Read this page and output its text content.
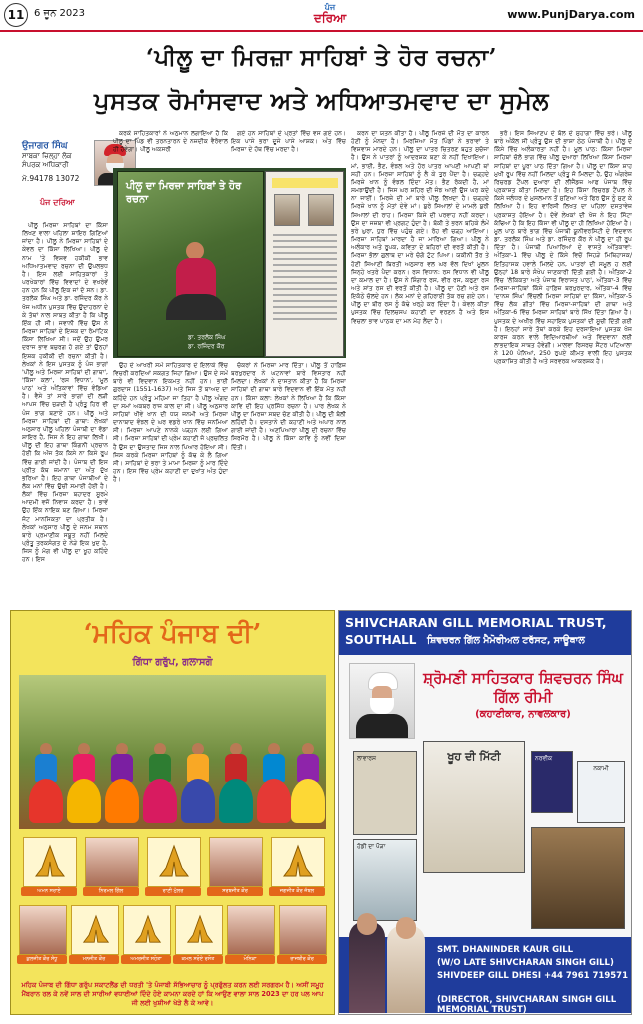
11 6 ਜੂਨ 2023
ਪੰਜ
ਦਰਿਆ	www.PunjDarya.com
‘ਪੀਲੂ ਦਾ ਮਿਰਜ਼ਾ ਸਾਹਿਬਾਂ ਤੇ ਹੋਰ ਰਚਨਾ’
ਪੁਸਤਕ ਰੋਮਾਂਸਵਾਦ ਅਤੇ ਅਧਿਆਤਮਵਾਦ ਦਾ ਸੁਮੇਲ
ਉਜਾਗਰ ਸਿੰਘ
ਸਾਬਕਾ ਜ਼ਿਲ੍ਹਾ ਲੋਕ
ਸੰਪਰਕ ਅਧਿਕਾਰੀ
ਮੋ.94178 13072
ਪੰਜ ਦਰਿਆ

ਪੀਲੂ ਮਿਰਜ਼ਾ ਸਾਹਿਬਾਂ ਦਾ ਕਿੱਸਾ ਲਿਖਣ ਵਾਲਾ ਪਹਿਲਾ ਸ਼ਾਇਰ ਗਿਣਿਆਂ ਜਾਂਦਾ ਹੈ। ਪੀਲੂ ਨੇ ਮਿਰਜ਼ਾ ਸਾਹਿਬਾਂ ਦੇ ਕੇਵਲ ਦਾ ਕਿੱਸਾ ਲਿਖਿਆ। ਪੀਲੂ ਦੇ ਨਾਮ 'ਤੇ ਵਿਸ਼ਵ ਹਕੀਕੀ ਭਾਵ ਅਧਿਆਤਮਵਾਦ ਰਚਨਾ ਦੀ ਉਪਲਭਧ ਹੈ। ਇਸ ਲਈ ਸਾਹਿਤਕਾਰਾਂ ਤੇ ਪਰਖੇਕਾਰਾਂ ਵਿੱਚ ਵਿਵਾਦਾਂ ਦੇ ਵਖਰੇਵੇਂ ਹਨ ਹਨ ਕਿ ਪੀਲੂ ਇਕ ਜਾਂ ਦੋ ਸਨ। ਡਾ. ਤਰਲੋਕ ਸਿੰਘ ਅਤੇ ਡਾ. ਰਜਿੰਦਰ ਕੌਰ ਨੇ ਖੋਜ ਅਧੀਨ ਪੁਸਤਕ ਵਿੱਚ ਉਦਾਹਰਨਾ ਦੇ ਕੇ ਤੱਥਾਂ ਨਾਲ ਸਾਬਤ ਕੀਤਾ ਹੈ ਕਿ ਪੀਲੂ ਇੱਕ ਹੀ ਸੀ। ਜਵਾਨੀ ਵਿੱਚ ਉਸ ਨੇ ਮਿਰਜ਼ਾ ਸਾਹਿਬਾਂ ਦੇ ਇਸ਼ਕ ਦਾ ਰੋਮਾਂਟਿਕ ਕਿੱਸਾ ਲਿਖਿਆ ਸੀ। ਜਦੋਂ ਉਹ ਉਮਰ ਦਰਾਜ ਭਾਵ ਬਜ਼ੁਰਗ ਹੋ ਗਏ ਤਾਂ ਉਨ੍ਹਾਂ ਇਸ਼ਕ ਹਕੀਕੀ ਦੀ ਰਚਨਾ ਕੀਤੀ ਹੈ। ਲੇਖਕਾਂ ਨੇ ਇਸ ਪੁਸਤਕ ਨੂੰ ਪੰਜ ਭਾਗਾਂ 'ਪੀਲੂ ਅਤੇ ਮਿਰਜ਼ਾ ਸਾਹਿਬਾਂ ਦੀ ਗਾਥਾ', 'ਕਿੱਸਾ ਕਲਾ', 'ਰਸ ਵਿਧਾਨ', 'ਮੂਲ ਪਾਠ' ਅਤੇ ਅੰਤਿਕਾਵਾਂ ਵਿੱਚ ਵੰਡਿਆ ਹੈ। ਵੈਸੇ ਤਾਂ ਸਾਰੇ ਭਾਗਾਂ ਦੀ ਲੜੀ ਆਪਸ ਵਿੱਚ ਜੁੜਦੀ ਹੈ ਪ੍ਰੰਤੂ ਹਿਰ ਵੀ ਪੰਜ ਭਾਗ ਬਣਾਏ ਹਨ। ਪੀਲੂ ਅਤੇ ਮਿਰਜ਼ਾ ਸਾਹਿਬਾਂ ਦੀ ਗਾਥਾ: ਲੇਖਕਾਂ ਅਨੁਸਾਰ ਪੀਲੂ ਪਹਿਲਾ ਪੰਜਾਬੀ ਦਾ ਵੱਡਾ ਸ਼ਾਇਰ ਹੈ, ਜਿਸ ਨੇ ਇਹ ਗਾਥਾ ਲਿਖੀ। ਪੀਲੂ ਦੀ ਇਹ ਗਾਥਾ ਕਿੰਗਨੀ ਪ੍ਰਚਾਨ ਹੋਈ ਕਿ ਅੱਜ ਤੱਕ ਕਿਸੇ ਨਾ ਕਿਸੇ ਰੂਪ ਵਿੱਚ ਗਾਈ ਜਾਂਦੀ ਹੈ। ਪੰਜਾਬ ਦੀ ਇਸ ਪ੍ਰੀਤ ਕੱਥ ਜ਼ਮਾਨਾ ਦਾ ਅੰਤ ਦੁੱਖ ਭਰਿਆ ਹੈ। ਇਹ ਗਾਥਾ ਪੰਜਾਬੀਆਂ ਦੇ ਲੋਕ ਮਨਾਂ ਵਿੱਚ ਉਚੀ ਸਮਾਈ ਹੋਈ ਹੈ। ਲੋਕਾਂ ਵਿੱਚ ਮਿਰਜ਼ਾ ਬਹਾਦਰ ਸੂਰਮੇ ਆਦਮੀ ਵਜੋਂ ਨਿਵਾਸ ਕਰਦਾ ਹੈ। ਭਾਵੇਂ ਉਹ ਇੱਕ ਨਾਇਕ ਬਣ ਗਿਆ। ਮਿਰਜ਼ਾ ਜੱਟ ਮਾਨਸਿਕਤਾ ਦਾ ਪ੍ਰਤੀਕ ਹੈ। ਲੇਖਕਾਂ ਅਨੁਸਾਰ ਪੀਲੂ ਦੇ ਜਨਮ ਸਥਾਨ ਬਾਰੇ ਪ੍ਰਮਾਣੀਕ ਸਬੂਤ ਨਹੀਂ ਮਿਲਦੇ ਪ੍ਰੰਤੂ ਤਰਕਸੰਗਤ ਦੇ ਨੇੜੇ ਇਕ ਖੁਦ ਹੈ, ਜਿਸ ਨੂੰ ਮੋਗ ਵੀ ਪੀਲੂ ਦਾ ਖੂਹ ਕਹਿੰਦੇ ਹਨ। ਇਸ

ਕਰਕੇ ਸਾਹਿਤਕਾਰਾਂ ਨੇ ਅਨੁਮਾਨ ਲਗਾਇਆ ਹੈ ਕਿ ਪੀਲੂ ਦਾ ਪਿੰਡ ਵੀ ਤਰਨਤਾਰਨ ਦੇ ਨਜ਼ਦੀਕ ਵੈਰੋਵਾਲ ਹੀ ਹੋਵੇਗਾ। ਪੀਲੂ ਅਕਸਰੀ

ਗਏ ਹਨ ਸਾਹਿਬਾਂ ਦੇ ਪ੍ਰਤਾਂ ਵਿੱਚ ਵਸ ਗਏ ਹਨ। ਇਕ ਪਾਸੇ ਭਰਾ ਦੂਜੇ ਪਾਸੇ ਆਸ਼ਕ। ਅੰਤ ਵਿੱਚ ਮਿਰਜ਼ਾ ਦੇ ਹੱਥ ਵਿੱਚ ਮਰਦਾ ਹੈ।

ਪੀਲੂ ਦਾ ਮਿਰਜ਼ਾ ਸਾਹਿਬਾਂ ਤੇ ਹੋਰ ਰਚਨਾ
ਡਾ. ਤਰਲੋਕ ਸਿੰਘ
ਡਾ. ਰਜਿੰਦਰ ਕੌਰ

ਉਹ ਦੇ ਆਖਰੀ ਸਮੇਂ ਸਾਹਿਤਕਾਰ ਦੇ ਇਲਾਕੇ ਵਿੱਚ ਵਿਚਰੀ ਕਰਦਿਆਂ ਸਕਗਤ ਜਿਹਾ ਗਿਆ। ਉਸ ਦੇ ਸਮੇਂ ਬਾਰੇ ਵੀ ਵਿਦਵਾਨ ਇਕਮਤ ਨਹੀਂ ਹਨ। ਭਾਈ ਗੁਰਦਾਸ (1551-1637) ਅਤੇ ਜਿਸ ਤੋਂ ਬਾਅਦ ਦਾ ਕਹਿੰਦੇ ਹਨ ਪ੍ਰੰਤੂ ਮਹਿਮਾ ਜਾ ਤਿਹਾ ਹੈ ਪੀਲੂ ਅੰਗਦ ਦਾ ਸਮਾਂ ਅਕਬਰ ਰਾਜ ਕਾਲ ਦਾ ਸੀ। ਪੀਲੂ ਅਨੁਸਾਰ ਸਾਹਿਬਾਂ ਖੀਵੇ ਖਾਨ ਦੀ ਧਯ ਜਨਮੀ ਅਤੇ ਮਿਰਜ਼ਾ ਦਾਨਾਬਾਦ ਵੰਝਲ ਦੇ ਘਰ ਵਡਰੇ ਖਾਨ ਵਿੱਚ ਜਨਮਿਆ ਸੀ। ਮਿਰਜ਼ਾ ਆਪਣੇ ਨਾਨਕੇ ਪੜ੍ਹਨ ਲਈ ਗਿਆ ਸੀ। ਮਿਰਜ਼ਾ ਸਾਹਿਬਾਂ ਦੀ ਪ੍ਰੇਮ ਕਹਾਣੀ ਜੋ ਪ੍ਰਚਲਿਤ ਹੈ ਉਸ ਦਾ ਉਸਤਾਦ ਜਿਸ ਨਾਲ ਪਿਆਰ ਹੋਇਆ ਸੀ। ਜਿਸ ਕਰਕੇ ਮਿਰਜ਼ਾ ਸਾਹਿਬਾਂ ਨੂੰ ਕੱਢ ਕੇ ਲੈ ਗਿਆ ਸੀ। ਸਾਹਿਬਾਂ ਦੇ ਭਰਾ ਤੇ ਮਾਮਾ ਮਿਰਜ਼ਾ ਨੂੰ ਮਾਰ ਦਿੰਦੇ ਹਨ। ਇਸ ਵਿੱਚ ਪ੍ਰੇਮ ਕਹਾਣੀ ਦਾ ਦੁਖਾਂਤ ਅੰਤ ਹੁੰਦਾ ਹੈ।

ਚੱਕਰਾਂ ਨੇ ਮਿਰਜ਼ਾ ਮਾਰ ਦਿੱਤਾ। ਪੀਲੂ ਤੋਂ ਹਾਫ਼ਿਜ਼ ਬਰਖੁਰਦਾਰ ਨੇ ਘਟਨਾਵਾਂ ਬਾਰੇ ਵਿਸਤਾਰ ਨਹੀਂ ਮਿਲਦਾ। ਲੇਖਕਾਂ ਨੇ ਦਾਸਤਾਨ ਕੀਤਾ ਹੈ ਕਿ ਮਿਰਜ਼ਾ ਸਾਹਿਬਾਂ ਦੀ ਗਾਥਾ ਬਾਰੇ ਵਿਦਵਾਨ ਵੀ ਇੱਕ ਮੱਤ ਨਹੀਂ ਹਨ। ਕਿੱਸਾ ਕਲਾ: ਲੇਖਕਾਂ ਨੇ ਲਿਖਿਆ ਹੈ ਕਿ ਕਿੱਸਾ ਕਾਵਿ ਦੀ ਇਹ ਪ੍ਰਸਿੱਧ ਰਚਨਾ ਹੈ। ਪਾਰ ਲੇਖਕ ਨੇ ਪੀਲੂ ਦਾ ਮਿਰਜ਼ਾ ਸਬਦ ਚੋਣ ਕੀਤੀ ਹੈ। ਪੀਲੂ ਦੀ ਬੋਲੀ ਲਹਿੰਦੀ ਹੈ। ਦਸਤਾਨੇ ਦੀ ਕਹਾਣੀ ਅਤੇ ਅਪਾਰ ਨਾਲ ਗਾਈ ਜਾਂਦੀ ਹੈ। ਅਣਪਿਆਰਾ ਪੀਲੂ ਦੀ ਰਚਨਾ ਵਿੱਚ ਸਿਰਮੌਰ ਹੈ। ਪੀਲੂ ਨੇ ਕਿੱਸਾ ਕਾਵਿ ਨੂੰ ਨਵੀਂ ਦਿਸ਼ਾ ਦਿੱਤੀ।

ਕਰਨ ਦਾ ਯਤਨ ਕੀਤਾ ਹੈ। ਪੀਲੂ ਮਿਰਜ਼ੇ ਦੀ ਮੌਤ ਦਾ ਕਾਰਨ ਹੋਣੀ ਨੂੰ ਮੰਨਦਾ ਹੈ। ਮਿਰਜ਼ਿਆ ਮੌਤ ਪਿੰਡਾਂ ਨੇ ਭਰਾਵਾਂ ਤੇ ਵਿਸ਼ਵਾਸ ਮਾਰਦੇ ਹਨ। ਪੀਲੂ ਦਾ ਪਾਤਰ ਚਿਤਰਣ ਬਹੁਤ ਸੁਚੱਜਾ ਹੈ। ਉਸ ਨੇ ਪਾਤਰਾਂ ਨੂੰ ਆਦਰਸ਼ਕ ਬਣਾ ਕੇ ਨਹੀਂ ਦਿਖਾਇਆ। ਮਾਂ, ਭਾਈ, ਭੈਣ, ਵੰਝਲ ਅਤੇ ਹੋਰ ਪਾਤਰ ਆਪਣੀ ਆਪਣੀ ਥਾਂ ਸਹੀ ਹਨ। ਮਿਰਜ਼ਾ ਸਾਹਿਬਾਂ ਨੂੰ ਲੈ ਕੇ ਤੁਰ ਪੈਂਦਾ ਹੈ। ਚੜ੍ਹਦੇ ਮਿਰਜ਼ੇ ਖਾਨ ਨੂੰ ਵੰਝਲ ਦਿੰਦਾ ਮੱਤ। ਭੈਣ ਰੋਕਦੀ ਹੈ, ਮਾਂ ਸਮਝਾਉਂਦੀ ਹੈ। ਜਿਸ ਘਰ ਸ਼ਹਿਰ ਦੀ ਜੰਝ ਆਈ ਉਸ ਘਰ ਕਦੇ ਨਾ ਜਾਈਂ। ਮਿਰਜ਼ੇ ਦੀ ਮਾਂ ਬਾਰੇ ਪੀਲੂ ਲਿਖਦਾ ਹੈ। ਚੜ੍ਹਦੇ ਮਿਰਜ਼ੇ ਖਾਨ ਨੂੰ ਮੱਤਾਂ ਦੇਵੇ ਮਾਂ। ਬੁਰੇ ਸਿਆਲਾਂ ਦੇ ਮਾਮਲੇ ਬੁਰੀ ਸਿਆਲਾਂ ਦੀ ਰਾਹ। ਮਿਰਜ਼ਾ ਕਿਸੇ ਦੀ ਪਰਵਾਹ ਨਹੀਂ ਕਰਦਾ। ਉਸ ਦਾ ਜਜ਼ਬਾ ਵੀ ਪ੍ਰਗਟ ਹੁੰਦਾ ਹੈ। ਬੱਕੀ ਤੇ ਭਰਨ ਬਹਿਕੇ ਲੰਮੇਂ ਭਰੇ ਘੁਰਾ, ਧੁਰ ਵਿੱਚ ਪਹੁੰਚ ਗਏ। ਰੋਹ ਵੀ ਚੜ੍ਹ ਆਇਆ। ਮਿਰਜ਼ਾ ਸਾਹਿਬਾਂ ਮਾਰਦਾ ਹੈ ਜਾ ਮਾਰਿਆ ਗਿਆ। ਪੀਲੂ ਨੇ ਅਲੰਕਾਰ ਅਤੇ ਰੂਪਕ, ਕਵਿਤਾ ਦੇ ਬਹਿਰਾਂ ਦੀ ਵਰਤੋਂ ਕੀਤੀ ਹੈ। ਮਿਰਜ਼ਾ ਭੋਲਾ ਗੁਲਾਬ ਦਾ ਮਰੇ ਚੋਗੋ ਟੁੱਟ ਪਿਆ। ਯਕੀਨੀ ਤੌਰ ਤੇ ਹੋਣੀ ਸਿਆਣੀ ਬਿਰਤੀ ਅਨੁਸਾਰ ਵਲ ਘਰ ਵੱਲ ਦਿਖਾਂ ਮੂਲਨ ਜਿਨ੍ਹੇ ਖਤਰੇ ਪੈਦਾ ਕਰਨ। ਰਸ ਵਿਧਾਨ: ਰਸ ਵਿਧਾਨ ਵੀ ਪੀਲੂ ਦਾ ਕਮਾਲ ਦਾ ਹੈ। ਉਸ ਨੇ ਸ਼ਿੰਗਾਰ ਰਸ, ਵੀਰ ਰਸ, ਕਰੁਣਾ ਰਸ ਅਤੇ ਸ਼ਾਂਤ ਰਸ ਦੀ ਵਰਤੋਂ ਕੀਤੀ ਹੈ। ਪੀਲੂ ਦਾ ਹੋਣੀ ਅਤੇ ਰਸ ਇਕੱਠੇ ਚੱਲਦੇ ਹਨ। ਲੋਕ ਮਨਾਂ ਦੇ ਗਹਿਰਾਈ ਤੱਕ ਰਚ ਗਏ ਹਨ। ਪੀਲੂ ਦਾ ਬੀਰ ਰਸ ਨੂੰ ਕੱਢੇ ਖਰ੍ਹੇ ਕਰ ਦਿੰਦਾ ਹੈ। ਕੇਵਲ ਕੀਤਾ ਪੁਸਤਕ ਵਿੱਚ ਦਿਲਚਸਪ ਕਹਾਣੀ ਦਾ ਵਰਣਨ ਹੈ ਅਤੇ ਇਸ ਵਿਚਲਾ ਭਾਵ ਪਾਠਕ ਦਾ ਮਨ ਮੋਹ ਲੈਂਦਾ ਹੈ।

ਭਰੋ। ਇਸ ਸਿਆਣਪ ਦੇ ਬੋਲ ਦੇ ਸੁਹਾਗਾ ਵਿੱਚ ਭਰੇ। ਪੀਲੂ ਬਾਰੇ ਅੰਕੋਲ ਸੀ ਪ੍ਰੰਤੂ ਉਸ ਦੀ ਭਾਸ਼ਾ ਠੇਠ ਪੰਜਾਬੀ ਹੈ। ਪੀਲੂ ਦੇ ਕਿੱਸੇ ਵਿੱਚ ਅਲੰਕਾਰਤਾ ਨਹੀਂ ਹੈ। ਮੂਲ ਪਾਠ: ਕਿੱਸਾ ਮਿਰਜ਼ਾ ਸਾਹਿਬਾਂ ਚੱਲੋ ਭਾਗ ਵਿੱਚ ਪੀਲੂ ਦੁਆਰਾ ਲਿਖਿਆ ਕਿੱਸਾ ਮਿਰਜ਼ਾ ਸਾਹਿਬਾਂ ਦਾ ਪੂਰਾ ਪਾਠ ਦਿੱਤਾ ਗਿਆ ਹੈ। ਪੀਲੂ ਦਾ ਕਿੱਸਾ ਸ਼ਾਹ ਮੁਖੀ ਰੂਪ ਵਿੱਚ ਨਹੀਂ ਮਿਲਦਾ ਪ੍ਰੰਤੂ ਜੋ ਮਿਲਦਾ ਹੈ, ਉਹ ਅੰਗਰੇਜ਼ ਰਿਚਰਡ ਟੈਂਪਲ ਦੁਆਰਾ ਦੀ ਲੀਜੈਂਡਜ਼ ਆਫ ਪੰਜਾਬ ਵਿੱਚ ਪ੍ਰਕਾਸ਼ਤ ਕੀਤਾ ਮਿਲਦਾ ਹੈ। ਇਹ ਕਿੱਸਾ ਰਿਚਰਡ ਟੈਂਪਲ ਨੇ ਕਿਸੇ ਜਲੰਧਰ ਦੇ ਮੁਸਲਮਾਨ ਤੋਂ ਸੁਣਿਆ ਅਤੇ ਫਿਰ ਉਸ ਨੂੰ ਸੁਣ ਕੇ ਲਿਖਿਆ ਹੈ। ਇਹ ਵਾਰਿਸੀ ਲਿਖਤ ਦਾ ਪਹਿਲਾ ਦਸਤਾਵੇਜ਼ ਪ੍ਰਕਾਸ਼ਤ ਹੋਇਆ ਹੈ। ਦੋਵੇਂ ਲੇਖਕਾਂ ਦੀ ਖੋਜ ਨੇ ਇਹ ਸਿੱਟਾ ਕੱਢਿਆ ਹੈ ਕਿ ਇਹ ਕਿੱਸਾ ਵੀ ਪੀਲੂ ਦਾ ਹੀ ਲਿਖਿਆ ਹੋਇਆ ਹੈ। ਮੂਲ ਪਾਠ ਬਾਰੇ ਭਾਗ ਵਿੱਚ ਪੰਜਾਬੀ ਯੂਨੀਵਰਸਿਟੀ ਦੇ ਵਿਦਵਾਨ ਡਾ. ਤਰਲੋਕ ਸਿੰਘ ਅਤੇ ਡਾ. ਰਜਿੰਦਰ ਕੌਰ ਨੇ ਪੀਲੂ ਦਾ ਹੀ ਰੂਪ ਦਿੱਤਾ ਹੈ। ਪੰਜਾਬੀ ਪਿਆਰਿਆਂ ਦੇ ਵਾਸਤੇ ਅੰਤਿਕਾਵਾਂ: ਅੰਤਿਕਾ-1 ਵਿੱਚ ਪੀਲੂ ਦੇ ਕਿੱਸੇ ਵਿਚੋਂ ਜਿਹੜੇ ਮਿਥਿਹਾਸਕ/ਇਤਿਹਾਸਕ ਹਵਾਲੇ ਮਿਲਦੇ ਹਨ, ਪਾਤਰਾਂ ਦੀ ਸਮੂਲ ਹ ਲਈ ਉਨ੍ਹਾਂ 18 ਬਾਰੇ ਸੰਖੇਪ ਜਾਣਕਾਰੀ ਦਿੱਤੀ ਗਈ ਹੈ। ਅੰਤਿਕਾ-2 ਵਿੱਚ 'ਲੋਕਿਕਤਾ ਅਤੇ ਪੰਜਾਬ ਵਿਰਾਸਤ ਪਾਠ', ਅੰਤਿਕਾ-3 ਵਿੱਚ ਮਿਰਜ਼ਾ-ਸਾਹਿਬਾਂ ਕਿੱਸੇ ਹਾਫ਼ਿਜ਼ ਬਰਖੁਰਦਾਰ, ਅੰਤਿਕਾ-4 ਵਿੱਚ 'ਦਾਨਸ਼ ਸਿੰਘ' ਵਿੱਚਲੀ ਮਿਰਜ਼ਾ ਸਾਹਿਬਾਂ ਦਾ ਕਿੱਸਾ, ਅੰਤਿਕਾ-5 ਵਿੱਚ ਲੋਕ ਗੀਤਾਂ ਵਿੱਚ ਮਿਰਜ਼ਾ-ਸਾਹਿਬਾਂ ਦੀ ਗਾਥਾ ਅਤੇ ਅੰਤਿਕਾ-6 ਵਿੱਚ ਮਿਰਜ਼ਾ ਸਾਹਿਬਾਂ ਬਾਰੇ ਸਿੱਖ ਦਿੱਤਾ ਗਿਆ ਹੈ। ਪੁਸਤਕ ਦੇ ਅਖੀਰ ਵਿੱਚ ਸਹਾਇਕ ਪੁਸਤਕਾਂ ਦੀ ਸੂਚੀ ਦਿੱਤੀ ਗਈ ਹੈ। ਇਨ੍ਹਾਂ ਸਾਰੇ ਤੱਥਾਂ ਕਰਕੇ ਇਹ ਦਰਸਾਇਆ ਪੁਸਤਕ ਖੋਜ ਕਾਰਜ ਕਰਨ ਵਾਲੇ ਵਿਦਿਆਰਥੀਆਂ ਅਤੇ ਵਿਦਵਾਨਾ ਲਈ ਲਾਭਦਾਇਕ ਸਾਬਤ ਹੋਵੇਗੀ। ਮਾਲਵਾ ਰਿਸਰਚ ਸੈਂਟਰ ਪਟਿਆਲਾ ਨੇ 120 ਪੰਨਿਆਂ, 250 ਰੁਪਏ ਕੀਮਤ ਵਾਲੀ ਇਹ ਪੁਸਤਕ ਪ੍ਰਕਾਸ਼ਿਤ ਕੀਤੀ ਹੈ ਅਤੇ ਸਰਵਰਕ ਆਕਰਸ਼ਕ ਹੈ।

‘ਮਹਿਕ ਪੰਜਾਬ ਦੀ’
ਗਿੱਧਾ ਗਰੁੱਪ, ਗਲਾਸਗੋ
ਅਮਨ ਸਰਾਏ	ਨਿਰਮਲ ਗਿੱਲ	ਰਾਣੀ ਮੁੱਲਰ	ਸਰਬਜੀਤ ਕੌਰ	ਜਗਜੀਤ ਕੌਰ ਜੱਬਲ
ਕੁਲਜੀਤ ਕੌਰ ਸੰਧੂ	ਮਨਜੀਤ ਕੌਰ	ਅਮਰਜੀਤ ਸਹੋਤਾ	ਕਮਲ ਸਰੋਏ ਰਸੋਤ	ਮੋਨਿਕਾ	ਰਾਜਬੀਰ ਕੌਰ
ਮਹਿਕ ਪੰਜਾਬ ਦੀ ਗਿੱਧਾ ਗਰੁੱਪ ਸਕਾਟਲੈਂਡ ਦੀ ਧਰਤੀ 'ਤੇ ਪੰਜਾਬੀ ਸੱਭਿਆਚਾਰ ਨੂੰ ਪ੍ਰਫੁੱਲਤ ਕਰਨ ਲਈ ਸਰਗਰਮ ਹੈ। ਅਸੀਂ ਸਮੂਹ ਮੈਂਬਰਾਨ ਰਲ ਕੇ ਨਵੇਂ ਸਾਲ ਦੀ ਸਾਰੀਆਂ ਵਧਾਈਆਂ ਦਿੰਦੇ ਹੋਏ ਕਾਮਨਾ ਕਰਦੇ ਹਾਂ ਕਿ ਆਉਣ ਵਾਲਾ ਸਾਲ 2023 ਦਾ ਹਰ ਪਲ ਆਪ ਜੀ ਲਈ ਖੁਸ਼ੀਆਂ ਖੇੜੇ ਲੈ ਕੇ ਆਵੇ।
SHIVCHARAN GILL MEMORIAL TRUST,
SOUTHALL ਸ਼ਿਵਚਰਨ ਗਿੱਲ ਮੈਮੋਰੀਅਲ ਟਰੱਸਟ, ਸਾਊਥਾਲ
ਸ਼੍ਰੋਮਣੀ ਸਾਹਿਤਕਾਰ ਸ਼ਿਵਚਰਨ ਸਿੰਘ ਗਿੱਲ ਰੀਮੀ
(ਕਹਾਣੀਕਾਰ, ਨਾਵਲਕਾਰ)
ਲਾਵਾਰਸ	ਖੂਹ ਦੀ ਮਿੱਟੀ	ਨਰਵੀਕ
ਨਕਾਮੀ
ਹੱਡੀ ਦਾ ਪੌੜਾ
SMT. DHANINDER KAUR GILL
(W/O LATE SHIVCHARAN SINGH GILL)
SHIVDEEP GILL DHESI +44 7961 719571
(DIRECTOR, SHIVCHARAN SINGH GILL MEMORIAL TRUST)
